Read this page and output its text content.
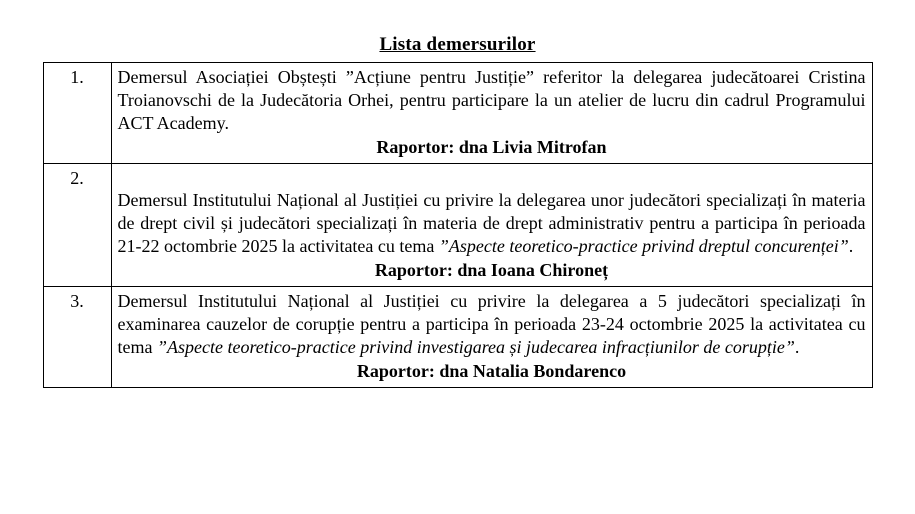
Lista demersurilor
1.	Demersul Asociației Obștești ”Acțiune pentru Justiție” referitor la delegarea judecătoarei Cristina Troianovschi de la Judecătoria Orhei, pentru participare la un atelier de lucru din cadrul Programului ACT Academy.
Raportor: dna Livia Mitrofan

2.	Demersul Institutului Național al Justiției cu privire la delegarea unor judecători specializați în materia de drept civil și judecători specializați în materia de drept administrativ pentru a participa în perioada 21-22 octombrie 2025 la activitatea cu tema ”Aspecte teoretico-practice privind dreptul concurenței”.
Raportor: dna Ioana Chironeț

3.	Demersul Institutului Național al Justiției cu privire la delegarea a 5 judecători specializați în examinarea cauzelor de corupție pentru a participa în perioada 23-24 octombrie 2025 la activitatea cu tema ”Aspecte teoretico-practice privind investigarea și judecarea infracțiunilor de corupție”.
Raportor: dna Natalia Bondarenco
